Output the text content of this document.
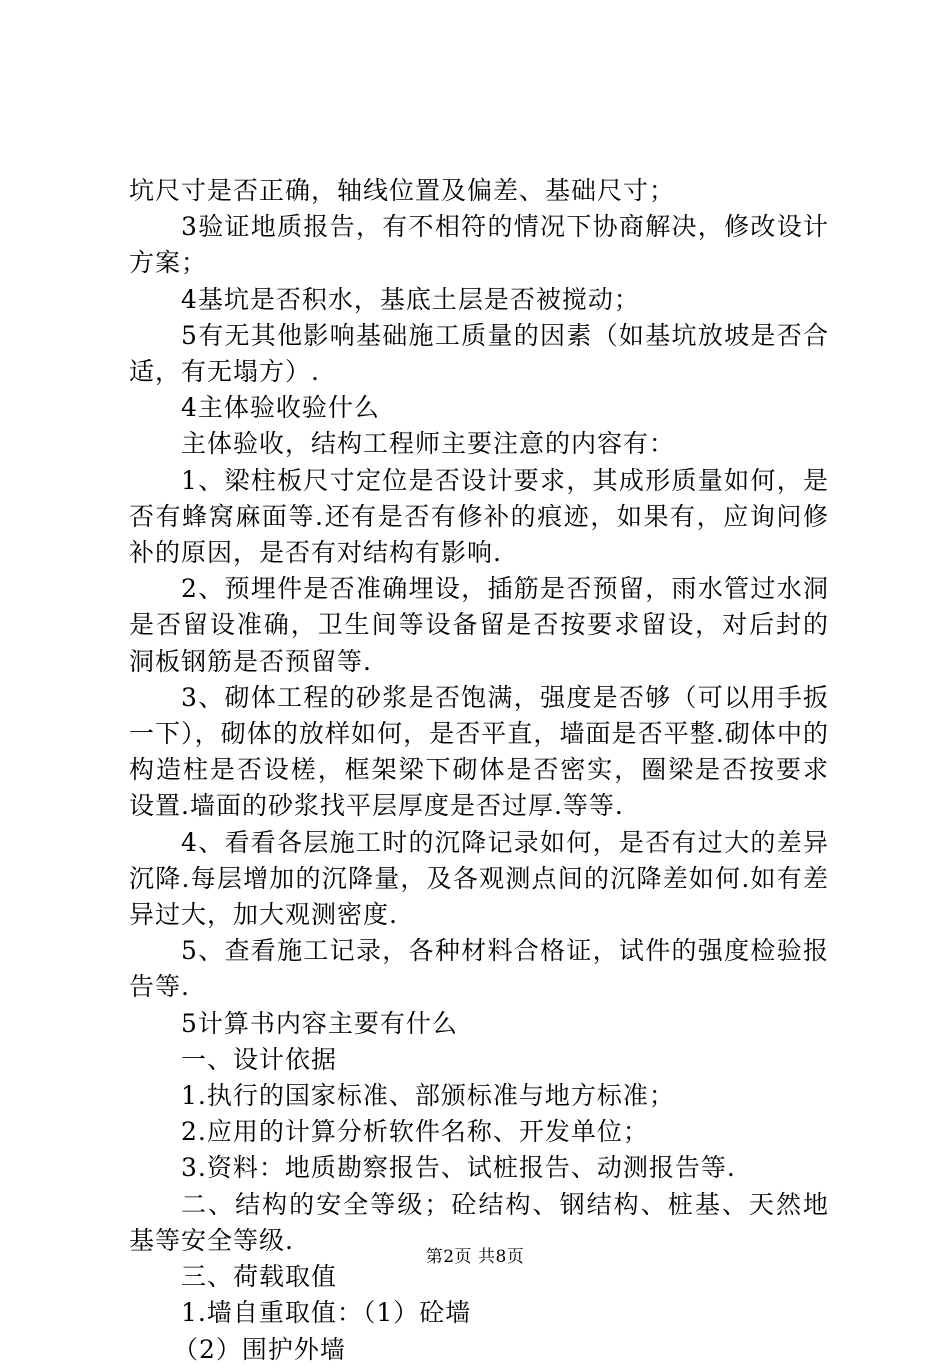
坑尺寸是否正确，轴线位置及偏差、基础尺寸；

3验证地质报告，有不相符的情况下协商解决，修改设计方案；

4基坑是否积水，基底土层是否被搅动；

5有无其他影响基础施工质量的因素（如基坑放坡是否合适，有无塌方）.

4主体验收验什么

主体验收，结构工程师主要注意的内容有：

1、梁柱板尺寸定位是否设计要求，其成形质量如何，是否有蜂窝麻面等.还有是否有修补的痕迹，如果有，应询问修补的原因，是否有对结构有影响.

2、预埋件是否准确埋设，插筋是否预留，雨水管过水洞是否留设准确，卫生间等设备留是否按要求留设，对后封的洞板钢筋是否预留等.

3、砌体工程的砂浆是否饱满，强度是否够（可以用手扳一下），砌体的放样如何，是否平直，墙面是否平整.砌体中的构造柱是否设槎，框架梁下砌体是否密实，圈梁是否按要求设置.墙面的砂浆找平层厚度是否过厚.等等.

4、看看各层施工时的沉降记录如何，是否有过大的差异沉降.每层增加的沉降量，及各观测点间的沉降差如何.如有差异过大，加大观测密度.

5、查看施工记录，各种材料合格证，试件的强度检验报告等.

5计算书内容主要有什么

一、设计依据

1.执行的国家标准、部颁标准与地方标准；

2.应用的计算分析软件名称、开发单位；

3.资料：地质勘察报告、试桩报告、动测报告等.

二、结构的安全等级；砼结构、钢结构、桩基、天然地基等安全等级.

三、荷载取值

1.墙自重取值：（1）砼墙

（2）围护外墙

第2页 共8页
